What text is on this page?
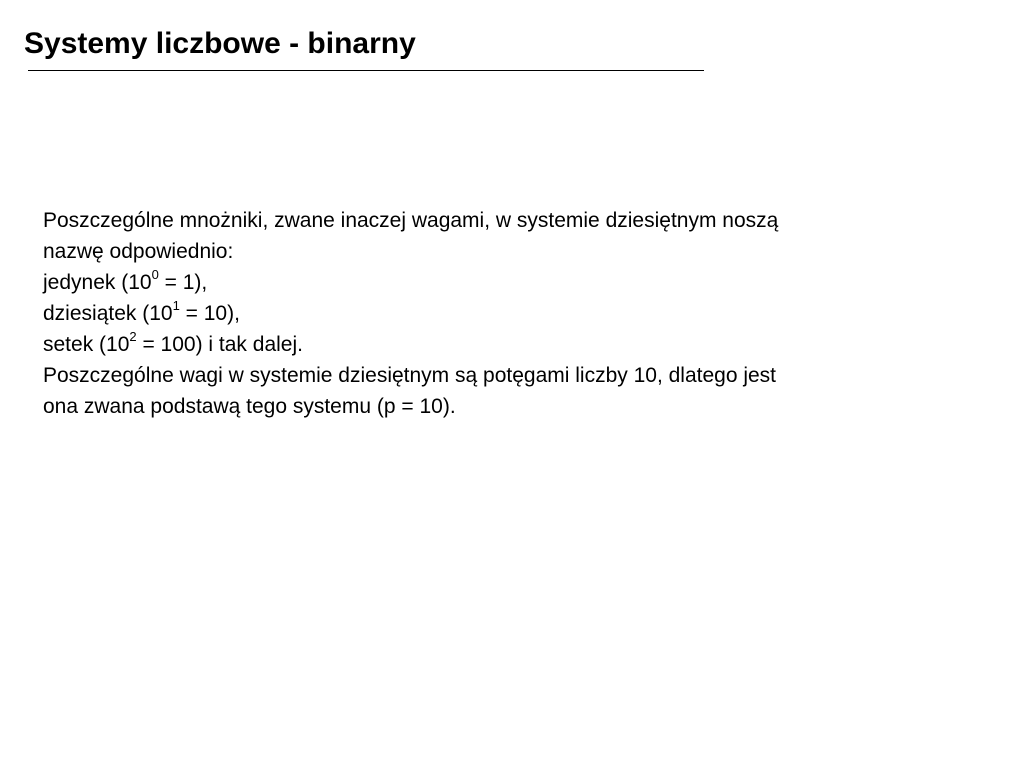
Systemy liczbowe - binarny

Poszczególne mnożniki, zwane inaczej wagami, w systemie dziesiętnym noszą

nazwę odpowiednio:

jedynek $(10^0 = 1)$,

dziesiątek $(10^1 = 10)$,

setek $(10^2 = 100)$ i tak dalej.

Poszczególne wagi w systemie dziesiętnym są potęgami liczby 10, dlatego jest

ona zwana podstawą tego systemu (p = 10).
